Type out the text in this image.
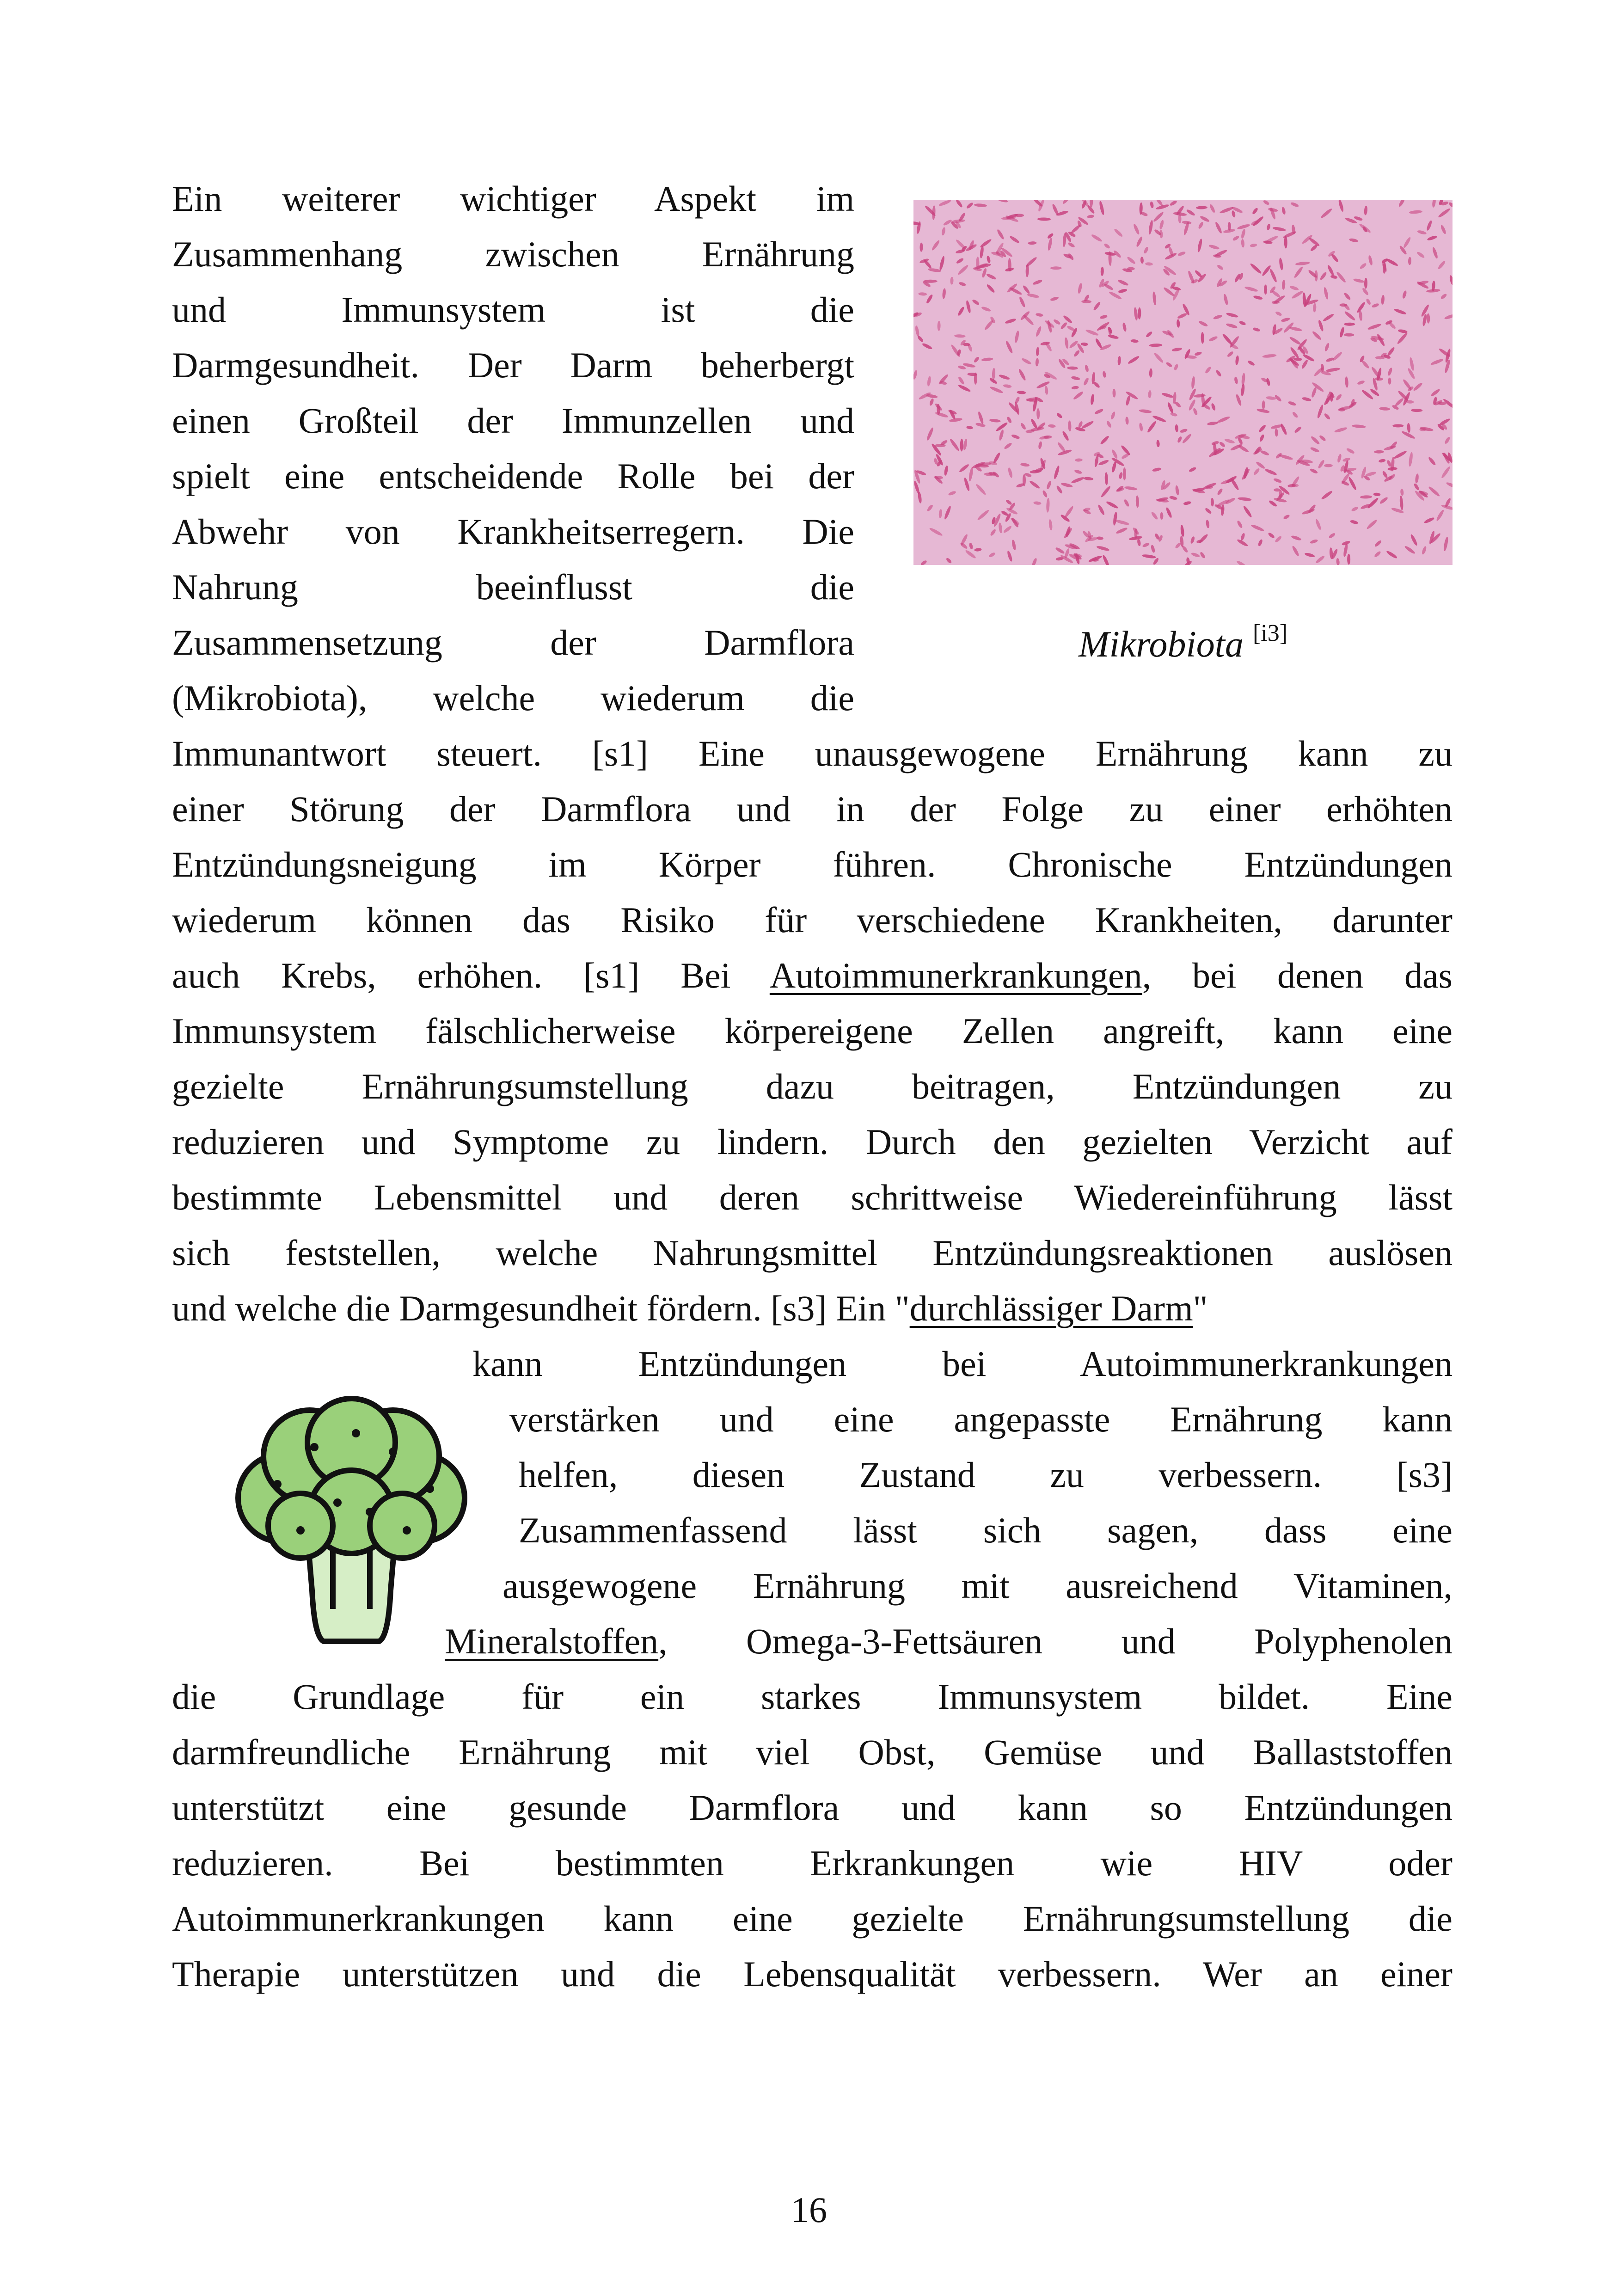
Ein weiterer wichtiger Aspekt im
Zusammenhang zwischen Ernährung
und Immunsystem ist die
Darmgesundheit. Der Darm beherbergt
einen Großteil der Immunzellen und
spielt eine entscheidende Rolle bei der
Abwehr von Krankheitserregern. Die
Nahrung beeinflusst die
Zusammensetzung der Darmflora
(Mikrobiota), welche wiederum die
Immunantwort steuert. [s1] Eine unausgewogene Ernährung kann zu
einer Störung der Darmflora und in der Folge zu einer erhöhten
Entzündungsneigung im Körper führen. Chronische Entzündungen
wiederum können das Risiko für verschiedene Krankheiten, darunter
auch Krebs, erhöhen. [s1] Bei Autoimmunerkrankungen, bei denen das
Immunsystem fälschlicherweise körpereigene Zellen angreift, kann eine
gezielte Ernährungsumstellung dazu beitragen, Entzündungen zu
reduzieren und Symptome zu lindern. Durch den gezielten Verzicht auf
bestimmte Lebensmittel und deren schrittweise Wiedereinführung lässt
sich feststellen, welche Nahrungsmittel Entzündungsreaktionen auslösen
und welche die Darmgesundheit fördern. [s3] Ein "durchlässiger Darm"
kann Entzündungen bei Autoimmunerkrankungen
verstärken und eine angepasste Ernährung kann
helfen, diesen Zustand zu verbessern. [s3]
Zusammenfassend lässt sich sagen, dass eine
ausgewogene Ernährung mit ausreichend Vitaminen,
Mineralstoffen, Omega-3-Fettsäuren und Polyphenolen
die Grundlage für ein starkes Immunsystem bildet. Eine
darmfreundliche Ernährung mit viel Obst, Gemüse und Ballaststoffen
unterstützt eine gesunde Darmflora und kann so Entzündungen
reduzieren. Bei bestimmten Erkrankungen wie HIV oder
Autoimmunerkrankungen kann eine gezielte Ernährungsumstellung die
Therapie unterstützen und die Lebensqualität verbessern. Wer an einer
Mikrobiota [i3]
16
